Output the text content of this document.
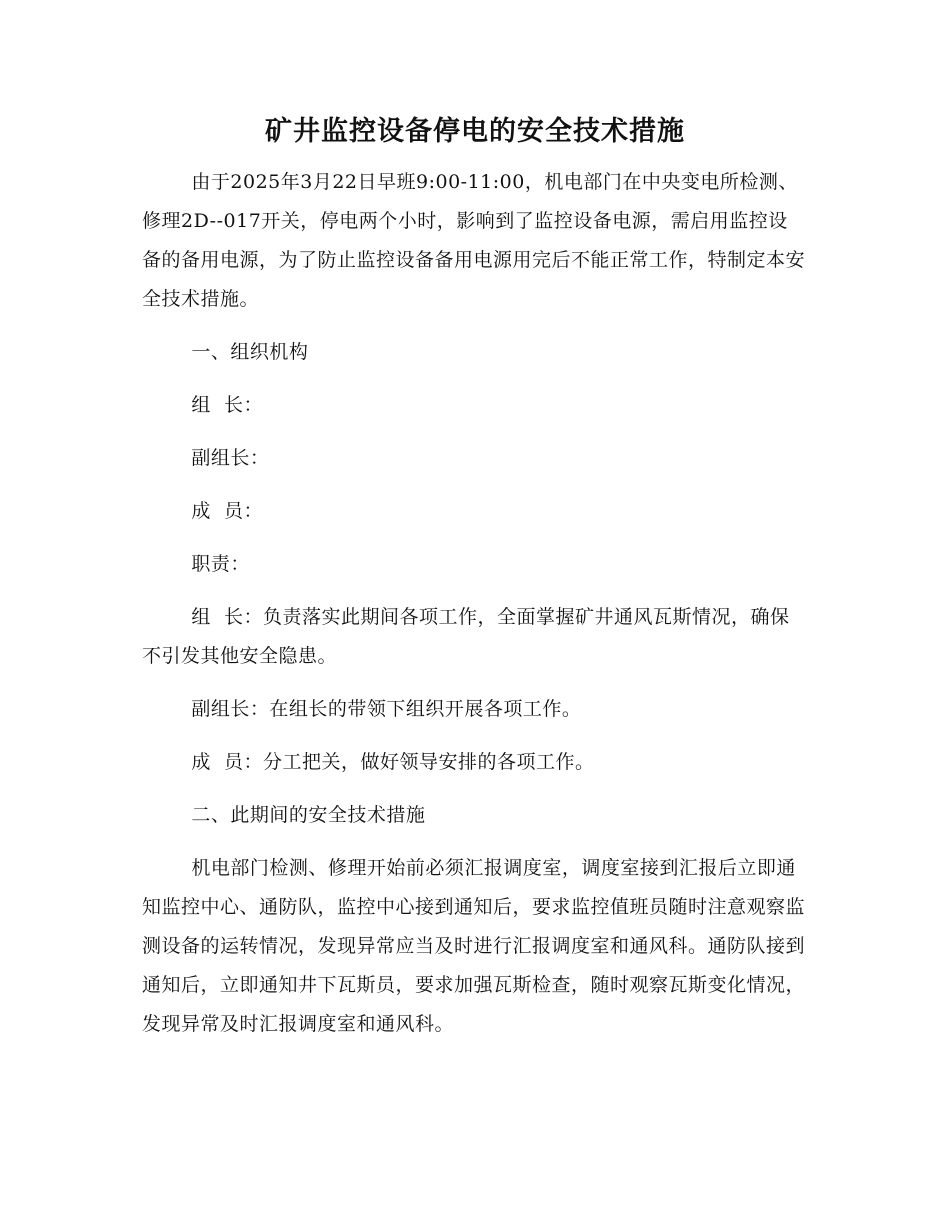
矿井监控设备停电的安全技术措施

由于2025年3月22日早班9:00-11:00，机电部门在中央变电所检测、修理2D--017开关，停电两个小时，影响到了监控设备电源，需启用监控设备的备用电源，为了防止监控设备备用电源用完后不能正常工作，特制定本安全技术措施。

一、组织机构

组  长：

副组长：

成  员：

职责：

组  长：负责落实此期间各项工作，全面掌握矿井通风瓦斯情况，确保不引发其他安全隐患。

副组长：在组长的带领下组织开展各项工作。

成  员：分工把关，做好领导安排的各项工作。

二、此期间的安全技术措施

机电部门检测、修理开始前必须汇报调度室，调度室接到汇报后立即通知监控中心、通防队，监控中心接到通知后，要求监控值班员随时注意观察监测设备的运转情况，发现异常应当及时进行汇报调度室和通风科。通防队接到通知后，立即通知井下瓦斯员，要求加强瓦斯检查，随时观察瓦斯变化情况，发现异常及时汇报调度室和通风科。
